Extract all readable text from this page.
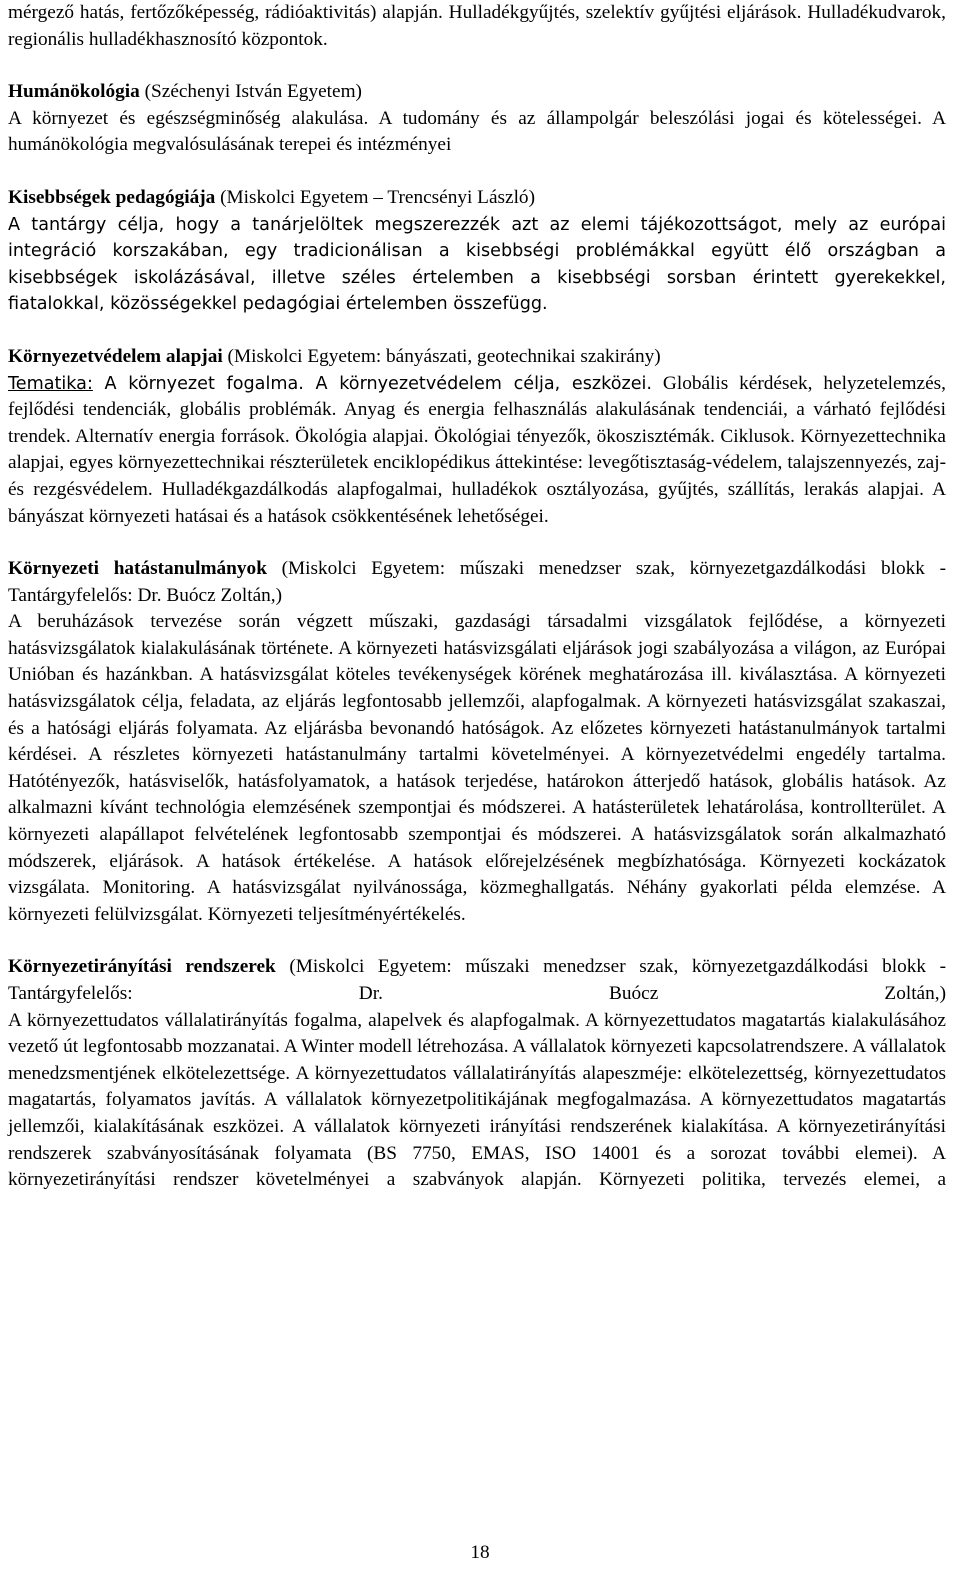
mérgező hatás, fertőzőképesség, rádióaktivitás) alapján. Hulladékgyűjtés, szelektív gyűjtési eljárások. Hulladékudvarok, regionális hulladékhasznosító központok.

Humánökológia (Széchenyi István Egyetem)
A környezet és egészségminőség alakulása. A tudomány és az állampolgár beleszólási jogai és kötelességei. A humánökológia megvalósulásának terepei és intézményei

Kisebbségek pedagógiája (Miskolci Egyetem – Trencsényi László)
A tantárgy célja, hogy a tanárjelöltek megszerezzék azt az elemi tájékozottságot, mely az európai integráció korszakában, egy tradicionálisan a kisebbségi problémákkal együtt élő országban a kisebbségek iskolázásával, illetve széles értelemben a kisebbségi sorsban érintett gyerekekkel, fiatalokkal, közösségekkel pedagógiai értelemben összefügg.

Környezetvédelem alapjai (Miskolci Egyetem: bányászati, geotechnikai szakirány)
Tematika: A környezet fogalma. A környezetvédelem célja, eszközei. Globális kérdések, helyzetelemzés, fejlődési tendenciák, globális problémák. Anyag és energia felhasználás alakulásának tendenciái, a várható fejlődési trendek. Alternatív energia források. Ökológia alapjai. Ökológiai tényezők, ökoszisztémák. Ciklusok. Környezettechnika alapjai, egyes környezettechnikai részterületek enciklopédikus áttekintése: levegőtisztaság-védelem, talajszennyezés, zaj- és rezgésvédelem. Hulladékgazdálkodás alapfogalmai, hulladékok osztályozása, gyűjtés, szállítás, lerakás alapjai. A bányászat környezeti hatásai és a hatások csökkentésének lehetőségei.

Környezeti hatástanulmányok (Miskolci Egyetem: műszaki menedzser szak, környezetgazdálkodási blokk - Tantárgyfelelős: Dr. Buócz Zoltán,)
A beruházások tervezése során végzett műszaki, gazdasági társadalmi vizsgálatok fejlődése, a környezeti hatásvizsgálatok kialakulásának története. A környezeti hatásvizsgálati eljárások jogi szabályozása a világon, az Európai Unióban és hazánkban. A hatásvizsgálat köteles tevékenységek körének meghatározása ill. kiválasztása. A környezeti hatásvizsgálatok célja, feladata, az eljárás legfontosabb jellemzői, alapfogalmak. A környezeti hatásvizsgálat szakaszai, és a hatósági eljárás folyamata. Az eljárásba bevonandó hatóságok. Az előzetes környezeti hatástanulmányok tartalmi kérdései. A részletes környezeti hatástanulmány tartalmi követelményei. A környezetvédelmi engedély tartalma. Hatótényezők, hatásviselők, hatásfolyamatok, a hatások terjedése, határokon átterjedő hatások, globális hatások. Az alkalmazni kívánt technológia elemzésének szempontjai és módszerei. A hatásterületek lehatárolása, kontrollterület. A környezeti alapállapot felvételének legfontosabb szempontjai és módszerei. A hatásvizsgálatok során alkalmazható módszerek, eljárások. A hatások értékelése. A hatások előrejelzésének megbízhatósága. Környezeti kockázatok vizsgálata. Monitoring. A hatásvizsgálat nyilvánossága, közmeghallgatás. Néhány gyakorlati példa elemzése. A környezeti felülvizsgálat. Környezeti teljesítményértékelés.

Környezetirányítási rendszerek (Miskolci Egyetem: műszaki menedzser szak, környezetgazdálkodási blokk - Tantárgyfelelős: Dr. Buócz Zoltán,)
A környezettudatos vállalatirányítás fogalma, alapelvek és alapfogalmak. A környezettudatos magatartás kialakulásához vezető út legfontosabb mozzanatai. A Winter modell létrehozása. A vállalatok környezeti kapcsolatrendszere. A vállalatok menedzsmentjének elkötelezettsége. A környezettudatos vállalatirányítás alapeszméje: elkötelezettség, környezettudatos magatartás, folyamatos javítás. A vállalatok környezetpolitikájának megfogalmazása. A környezettudatos magatartás jellemzői, kialakításának eszközei. A vállalatok környezeti irányítási rendszerének kialakítása. A környezetirányítási rendszerek szabványosításának folyamata (BS 7750, EMAS, ISO 14001 és a sorozat további elemei). A környezetirányítási rendszer követelményei a szabványok alapján. Környezeti politika, tervezés elemei, a

18
